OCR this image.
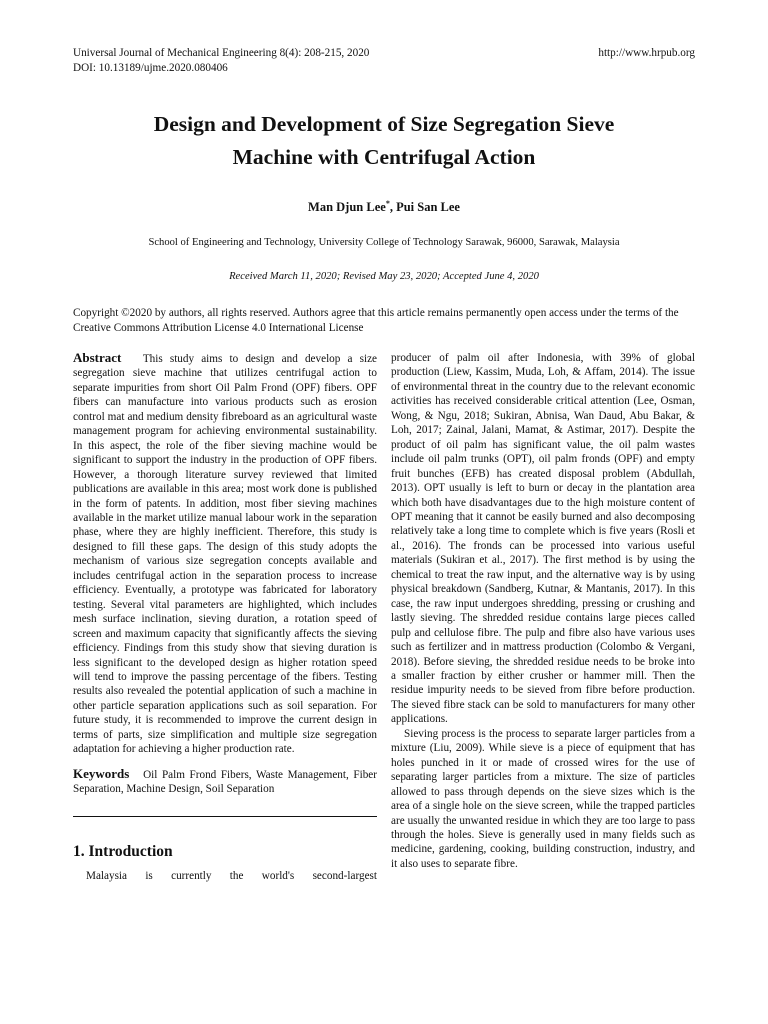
Universal Journal of Mechanical Engineering 8(4): 208-215, 2020
DOI: 10.13189/ujme.2020.080406
http://www.hrpub.org
Design and Development of Size Segregation Sieve
Machine with Centrifugal Action
Man Djun Lee*, Pui San Lee
School of Engineering and Technology, University College of Technology Sarawak, 96000, Sarawak, Malaysia
Received March 11, 2020; Revised May 23, 2020; Accepted June 4, 2020
Copyright ©2020 by authors, all rights reserved. Authors agree that this article remains permanently open access under the terms of the Creative Commons Attribution License 4.0 International License

Abstract This study aims to design and develop a size segregation sieve machine that utilizes centrifugal action to separate impurities from short Oil Palm Frond (OPF) fibers. OPF fibers can manufacture into various products such as erosion control mat and medium density fibreboard as an agricultural waste management program for achieving environmental sustainability. In this aspect, the role of the fiber sieving machine would be significant to support the industry in the production of OPF fibers. However, a thorough literature survey reviewed that limited publications are available in this area; most work done is published in the form of patents. In addition, most fiber sieving machines available in the market utilize manual labour work in the separation phase, where they are highly inefficient. Therefore, this study is designed to fill these gaps. The design of this study adopts the mechanism of various size segregation concepts available and includes centrifugal action in the separation process to increase efficiency. Eventually, a prototype was fabricated for laboratory testing. Several vital parameters are highlighted, which includes mesh surface inclination, sieving duration, a rotation speed of screen and maximum capacity that significantly affects the sieving efficiency. Findings from this study show that sieving duration is less significant to the developed design as higher rotation speed will tend to improve the passing percentage of the fibers. Testing results also revealed the potential application of such a machine in other particle separation applications such as soil separation. For future study, it is recommended to improve the current design in terms of parts, size simplification and multiple size segregation adaptation for achieving a higher production rate.

Keywords Oil Palm Frond Fibers, Waste Management, Fiber Separation, Machine Design, Soil Separation

1. Introduction

Malaysia is currently the world's second-largest

producer of palm oil after Indonesia, with 39% of global production (Liew, Kassim, Muda, Loh, & Affam, 2014). The issue of environmental threat in the country due to the relevant economic activities has received considerable critical attention (Lee, Osman, Wong, & Ngu, 2018; Sukiran, Abnisa, Wan Daud, Abu Bakar, & Loh, 2017; Zainal, Jalani, Mamat, & Astimar, 2017). Despite the product of oil palm has significant value, the oil palm wastes include oil palm trunks (OPT), oil palm fronds (OPF) and empty fruit bunches (EFB) has created disposal problem (Abdullah, 2013). OPT usually is left to burn or decay in the plantation area which both have disadvantages due to the high moisture content of OPT meaning that it cannot be easily burned and also decomposing relatively take a long time to complete which is five years (Rosli et al., 2016). The fronds can be processed into various useful materials (Sukiran et al., 2017). The first method is by using the chemical to treat the raw input, and the alternative way is by using physical breakdown (Sandberg, Kutnar, & Mantanis, 2017). In this case, the raw input undergoes shredding, pressing or crushing and lastly sieving. The shredded residue contains large pieces called pulp and cellulose fibre. The pulp and fibre also have various uses such as fertilizer and in mattress production (Colombo & Vergani, 2018). Before sieving, the shredded residue needs to be broke into a smaller fraction by either crusher or hammer mill. Then the residue impurity needs to be sieved from fibre before production. The sieved fibre stack can be sold to manufacturers for many other applications.

Sieving process is the process to separate larger particles from a mixture (Liu, 2009). While sieve is a piece of equipment that has holes punched in it or made of crossed wires for the use of separating larger particles from a mixture. The size of particles allowed to pass through depends on the sieve sizes which is the area of a single hole on the sieve screen, while the trapped particles are usually the unwanted residue in which they are too large to pass through the holes. Sieve is generally used in many fields such as medicine, gardening, cooking, building construction, industry, and it also uses to separate fibre.
